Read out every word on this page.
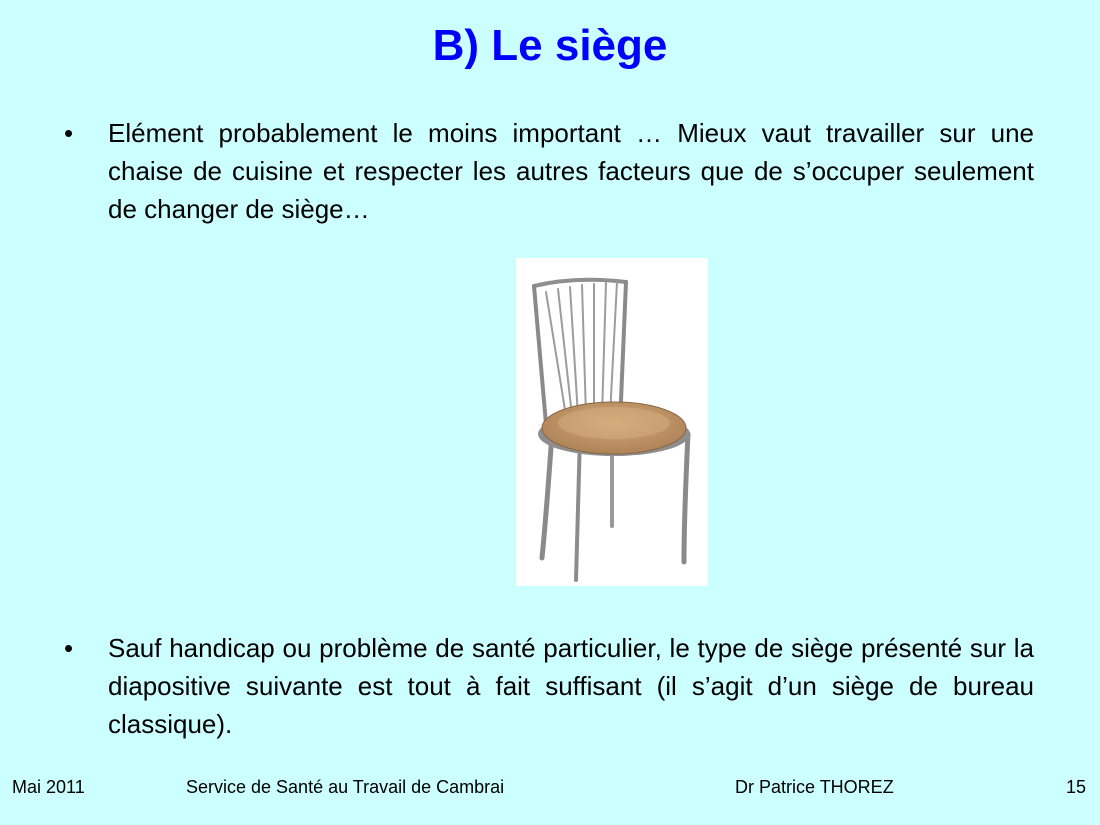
B) Le siège
•	Elément probablement le moins important … Mieux vaut travailler sur une chaise de cuisine et respecter les autres facteurs que de s’occuper seulement de changer de siège…
•	Sauf handicap ou problème de santé particulier, le type de siège présenté sur la diapositive suivante est tout à fait suffisant (il s’agit d’un siège de bureau classique).
Mai 2011	Service de Santé au Travail de Cambrai	Dr Patrice THOREZ	15
